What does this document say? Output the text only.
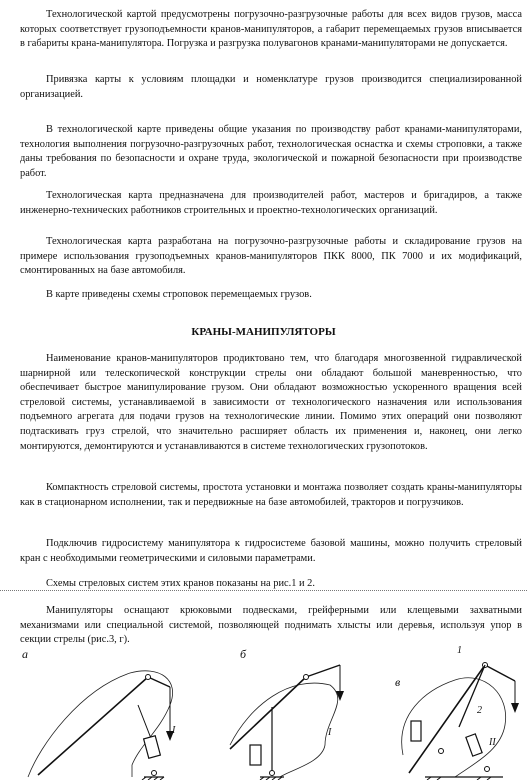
Технологической картой предусмотрены погрузочно-разгрузочные работы для всех видов грузов, масса которых соответствует грузоподъемности кранов-манипуляторов, а габарит перемещаемых грузов вписывается в габариты крана-манипулятора. Погрузка и разгрузка полувагонов кранами-манипуляторами не допускается.

Привязка карты к условиям площадки и номенклатуре грузов производится специализированной организацией.

В технологической карте приведены общие указания по производству работ кранами-манипуляторами, технология выполнения погрузочно-разгрузочных работ, технологическая оснастка и схемы строповки, а также даны требования по безопасности и охране труда, экологической и пожарной безопасности при производстве работ.

Технологическая карта предназначена для производителей работ, мастеров и бригадиров, а также инженерно-технических работников строительных и проектно-технологических организаций.

Технологическая карта разработана на погрузочно-разгрузочные работы и складирование грузов на примере использования грузоподъемных кранов-манипуляторов ПКК 8000, ПК 7000 и их модификаций, смонтированных на базе автомобиля.

В карте приведены схемы строповок перемещаемых грузов.

КРАНЫ-МАНИПУЛЯТОРЫ

Наименование кранов-манипуляторов продиктовано тем, что благодаря многозвенной гидравлической шарнирной или телескопической конструкции стрелы они обладают большой маневренностью, что обеспечивает быстрое манипулирование грузом. Они обладают возможностью ускоренного вращения всей стреловой системы, устанавливаемой в зависимости от технологического назначения или использования подъемного агрегата для подачи грузов на технологические линии. Помимо этих операций они позволяют подтаскивать груз стрелой, что значительно расширяет область их применения и, наконец, они легко монтируются, демонтируются и устанавливаются в системе технологических грузопотоков.

Компактность стреловой системы, простота установки и монтажа позволяет создать краны-манипуляторы как в стационарном исполнении, так и передвижные на базе автомобилей, тракторов и погрузчиков.

Подключив гидросистему манипулятора к гидросистеме базовой машины, можно получить стреловый кран с необходимыми геометрическими и силовыми параметрами.

Схемы стреловых систем этих кранов показаны на рис.1 и 2.

Манипуляторы оснащают крюковыми подвесками, грейферными или клещевыми захватными механизмами или специальной системой, позволяющей поднимать хлысты или деревья, используя упор в секции стрелы (рис.3, г).

а
I
б
I
в
1
2
II
